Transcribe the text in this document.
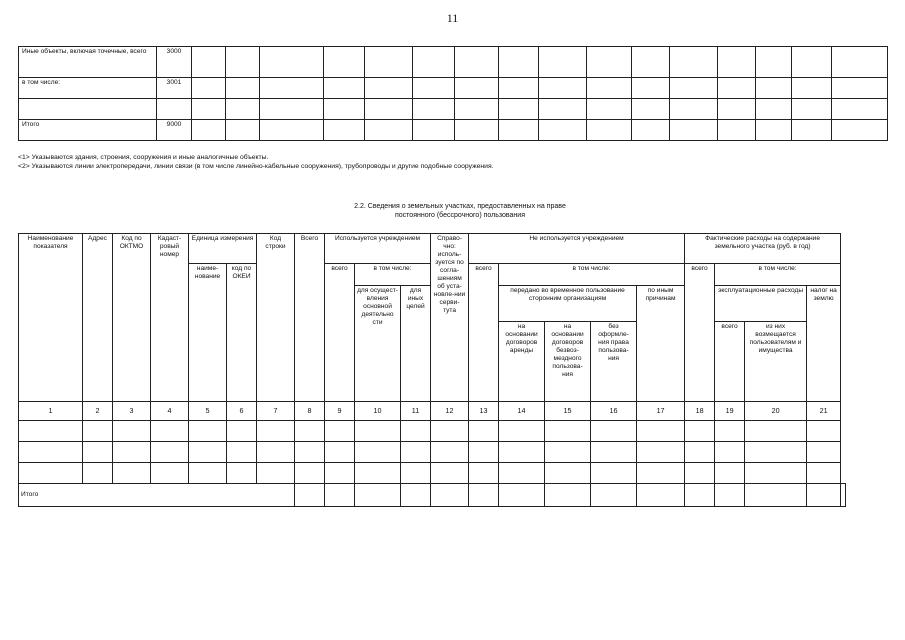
11
Иные объекты, включая точечные, всего	3000																
в том числе:	3001																

Итого	9000																
<1> Указываются здания, строения, сооружения и иные аналогичные объекты.
<2> Указываются линии электропередачи, линии связи (в том числе линейно-кабельные сооружения), трубопроводы и другие подобные сооружения.
2.2. Сведения о земельных участках, предоставленных на праве
постоянного (бессрочного) пользования
Наименование показателя	Адрес	Код по ОКТМО	Кадаст-ровый номер	Единица измерения		Код строки	Всего	Используется учреждением			Справо-чно: исполь-зуется по согла-шениям об уста-новле-нии серви-тута	Не используется учреждением					Фактические расходы на содержание земельного участка (руб. в год)				
				наиме-нование	код по ОКЕИ			всего	в том числе:			всего	в том числе:				всего	в том числе:			
									для осущест-вления основной деятельно сти	для иных целей			передано во временное пользование сторонним организациям			по иным причинам		эксплуатационные расходы		налог на землю	
													на основании договоров аренды	на основании договоров безвоз-мездного пользова-ния	без оформле-ния права пользова-ния			всего	из них возмещается пользователям и имущества		
1	2	3	4	5	6	7	8	9	10	11	12	13	14	15	16	17	18	19	20	21	

Итого																					
